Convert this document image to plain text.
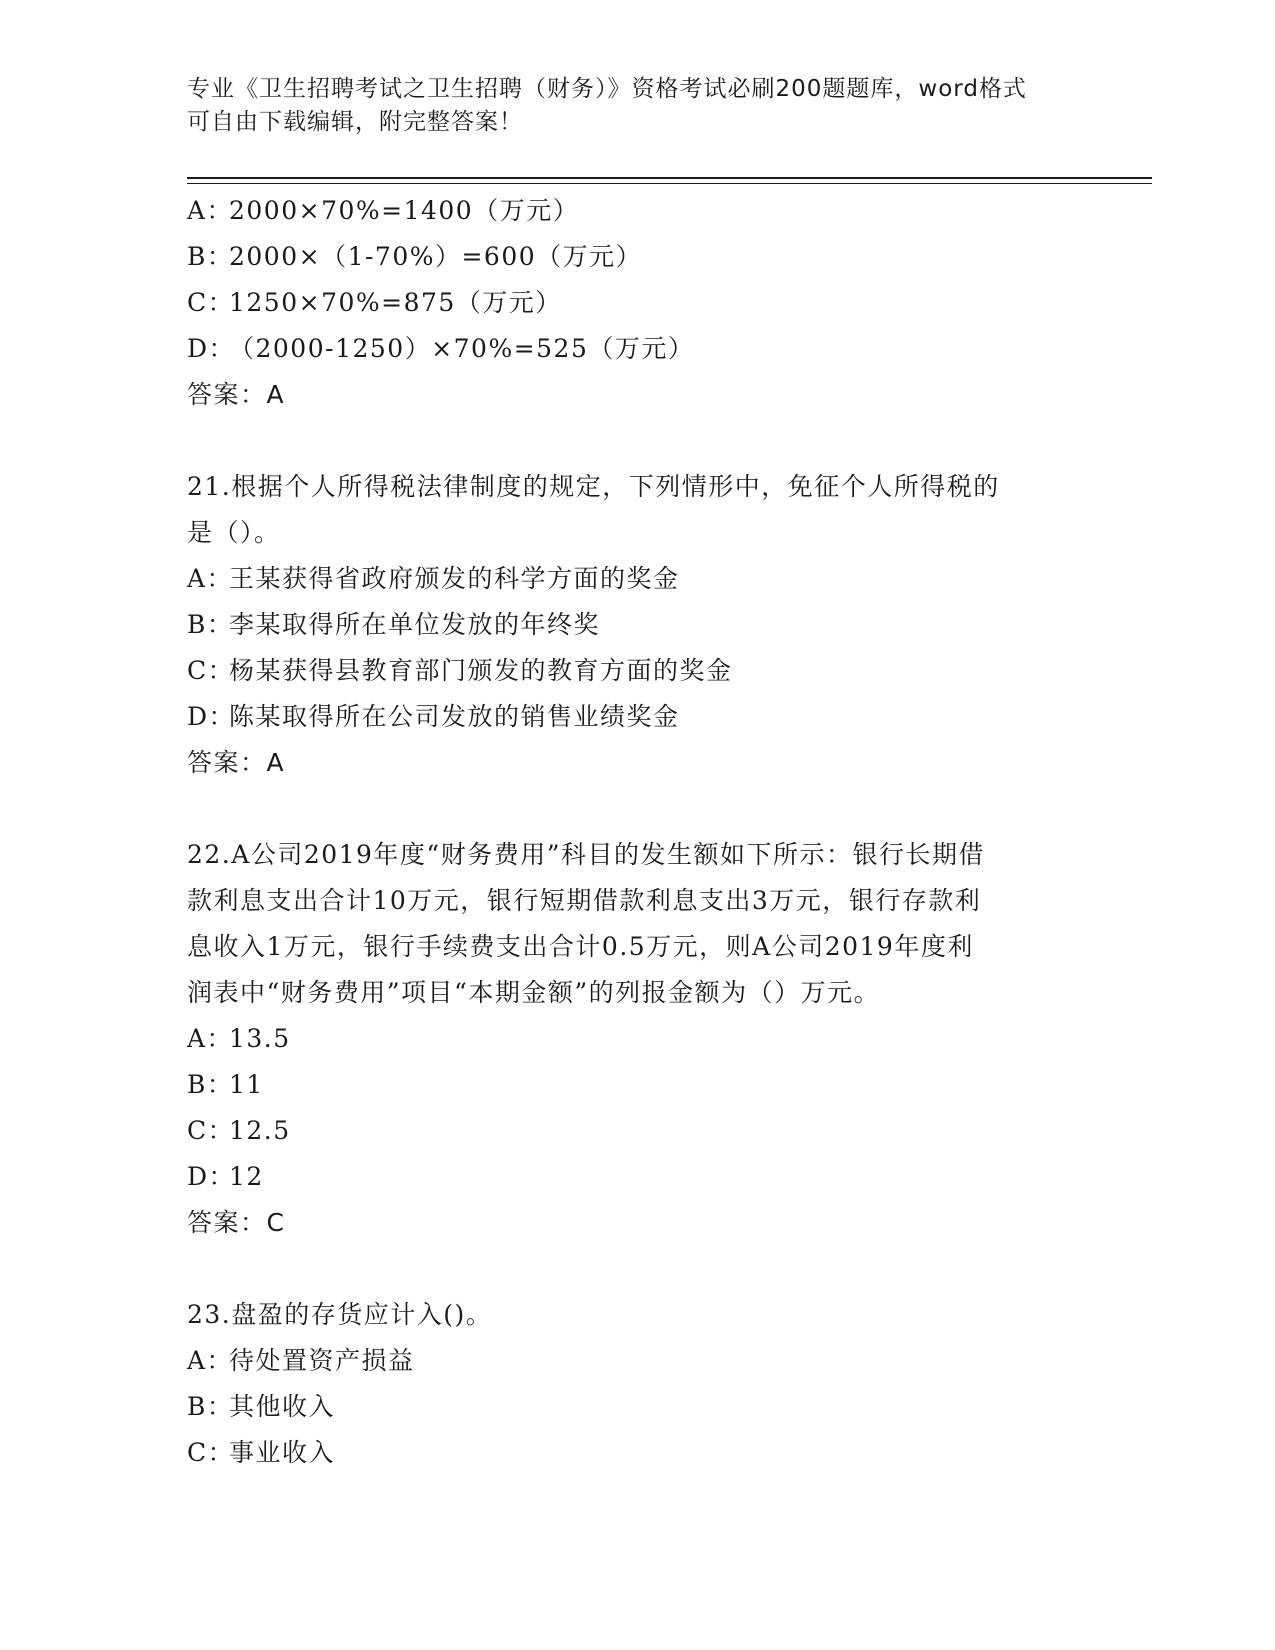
专业《卫生招聘考试之卫生招聘（财务）》资格考试必刷200题题库，word格式
可自由下载编辑，附完整答案！
A：2000×70%=1400（万元）
B：2000×（1-70%）=600（万元）
C：1250×70%=875（万元）
D：（2000-1250）×70%=525（万元）
答案：A
21.根据个人所得税法律制度的规定，下列情形中，免征个人所得税的
是（）。
A：王某获得省政府颁发的科学方面的奖金
B：李某取得所在单位发放的年终奖
C：杨某获得县教育部门颁发的教育方面的奖金
D：陈某取得所在公司发放的销售业绩奖金
答案：A
22.A公司2019年度“财务费用”科目的发生额如下所示：银行长期借
款利息支出合计10万元，银行短期借款利息支出3万元，银行存款利
息收入1万元，银行手续费支出合计0.5万元，则A公司2019年度利
润表中“财务费用”项目“本期金额”的列报金额为（）万元。
A：13.5
B：11
C：12.5
D：12
答案：C
23.盘盈的存货应计入()。
A：待处置资产损益
B：其他收入
C：事业收入
